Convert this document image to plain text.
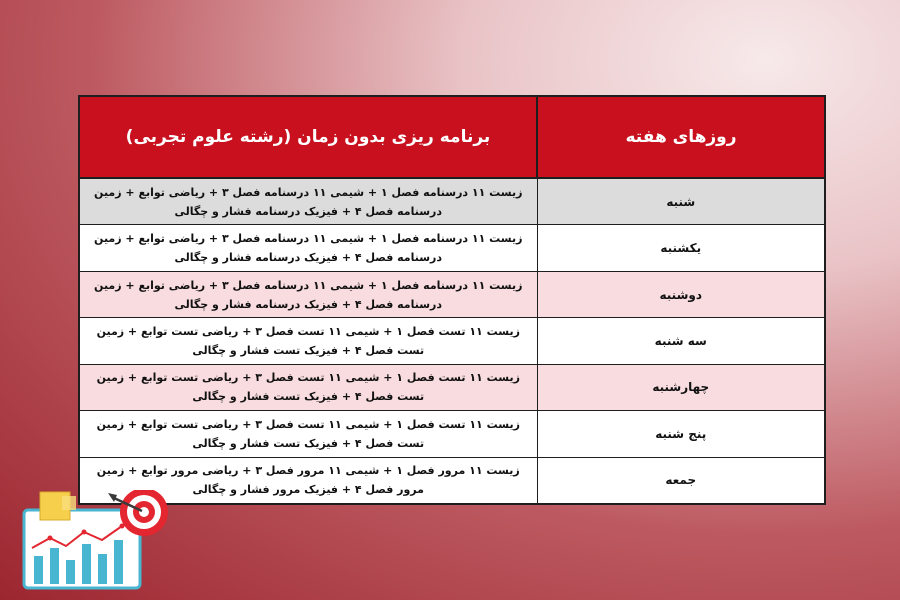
روزهای هفته	برنامه ریزی بدون زمان (رشته علوم تجربی)
شنبه	زیست ۱۱ درسنامه فصل ۱ + شیمی ۱۱ درسنامه فصل ۳ + ریاضی توابع + زمین درسنامه فصل ۴ + فیزیک درسنامه فشار و چگالی
یکشنبه	زیست ۱۱ درسنامه فصل ۱ + شیمی ۱۱ درسنامه فصل ۳ + ریاضی توابع + زمین درسنامه فصل ۴ + فیزیک درسنامه فشار و چگالی
دوشنبه	زیست ۱۱ درسنامه فصل ۱ + شیمی ۱۱ درسنامه فصل ۳ + ریاضی توابع + زمین درسنامه فصل ۴ + فیزیک درسنامه فشار و چگالی
سه شنبه	زیست ۱۱ تست فصل ۱ + شیمی ۱۱ تست فصل ۳ + ریاضی تست توابع + زمین تست فصل ۴ + فیزیک تست فشار و چگالی
چهارشنبه	زیست ۱۱ تست فصل ۱ + شیمی ۱۱ تست فصل ۳ + ریاضی تست توابع + زمین تست فصل ۴ + فیزیک تست فشار و چگالی
پنج شنبه	زیست ۱۱ تست فصل ۱ + شیمی ۱۱ تست فصل ۳ + ریاضی تست توابع + زمین تست فصل ۴ + فیزیک تست فشار و چگالی
جمعه	زیست ۱۱ مرور فصل ۱ + شیمی ۱۱ مرور فصل ۳ + ریاضی مرور توابع + زمین مرور فصل ۴ + فیزیک مرور فشار و چگالی
